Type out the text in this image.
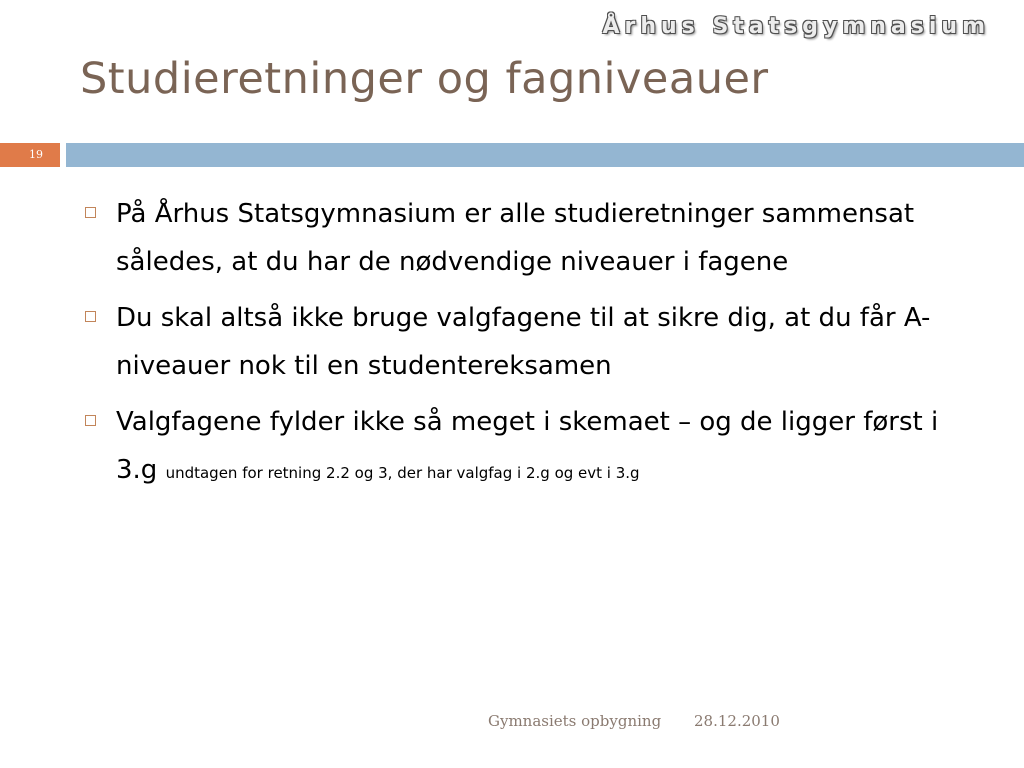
Århus Statsgymnasium
Studieretninger og fagniveauer
19
På Århus Statsgymnasium er alle studieretninger sammensat således, at du har de nødvendige niveauer i fagene
Du skal altså ikke bruge valgfagene til at sikre dig, at du får A-niveauer nok til en studentereksamen
Valgfagene fylder ikke så meget i skemaet – og de ligger først i 3.g undtagen for retning 2.2 og 3, der har valgfag i 2.g og evt i 3.g
Gymnasiets opbygning 28.12.2010
